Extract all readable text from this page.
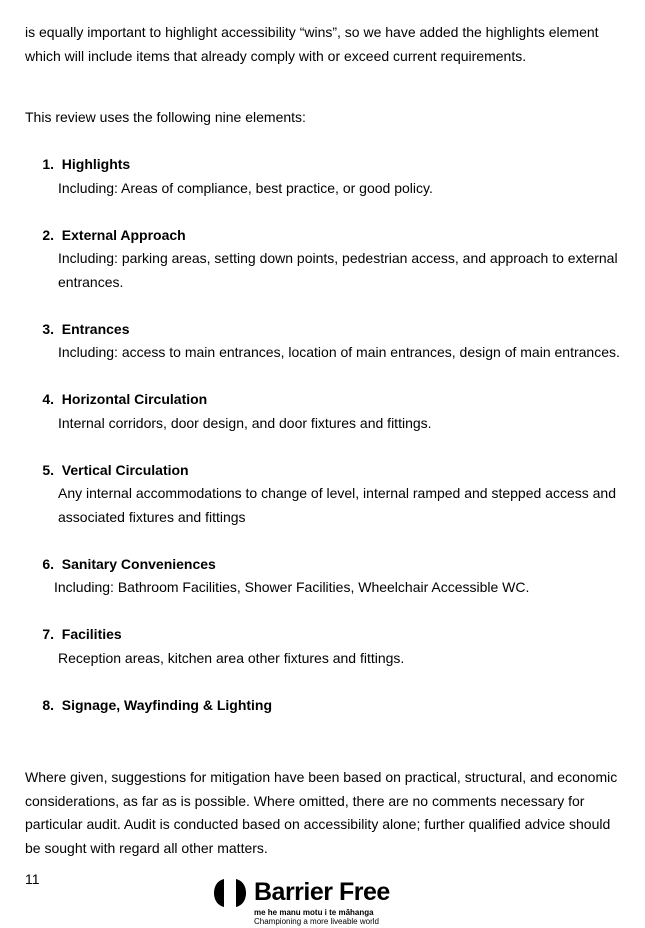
is equally important to highlight accessibility “wins”, so we have added the highlights element which will include items that already comply with or exceed current requirements.

This review uses the following nine elements:

1. Highlights
Including: Areas of compliance, best practice, or good policy.
2. External Approach
Including: parking areas, setting down points, pedestrian access, and approach to external entrances.
3. Entrances
Including: access to main entrances, location of main entrances, design of main entrances.
4. Horizontal Circulation
Internal corridors, door design, and door fixtures and fittings.
5. Vertical Circulation
Any internal accommodations to change of level, internal ramped and stepped access and associated fixtures and fittings
6. Sanitary Conveniences
Including: Bathroom Facilities, Shower Facilities, Wheelchair Accessible WC.
7. Facilities
Reception areas, kitchen area other fixtures and fittings.
8. Signage, Wayfinding & Lighting

Where given, suggestions for mitigation have been based on practical, structural, and economic considerations, as far as is possible. Where omitted, there are no comments necessary for particular audit. Audit is conducted based on accessibility alone; further qualified advice should be sought with regard all other matters.

11	Barrier Free
me he manu motu i te māhanga
Championing a more liveable world
